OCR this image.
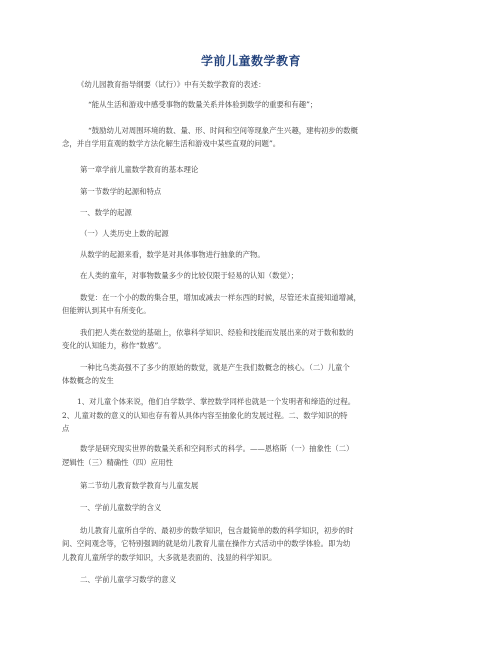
学前儿童数学教育
《幼儿园教育指导纲要（试行）》中有关数学教育的表述：
“能从生活和游戏中感受事物的数量关系并体验到数学的重要和有趣”；
“鼓励幼儿对周围环境的数、量、形、时间和空间等现象产生兴趣，建构初步的数概
念，并自学用直观的数学方法化解生活和游戏中某些直观的问题”。
第一章学前儿童数学教育的基本理论
第一节数学的起源和特点
一、数学的起源
（一）人类历史上数的起源
从数学的起源来看，数学是对具体事物进行抽象的产物。
在人类的童年，对事物数量多少的比较仅限于轻易的认知（数觉）；
数觉：在一个小的数的集合里，增加或减去一样东西的时候，尽管还未直接知道增减，
但能辨认到其中有所变化。
我们把人类在数觉的基础上，依靠科学知识、经验和技能而发展出来的对于数和数的
变化的认知能力，称作“数感”。
一种比乌类高强不了多少的原始的数觉，就是产生我们数概念的核心。（二）儿童个
体数概念的发生
1、对儿童个体来说，他们自学数学、掌控数学同样也就是一个发明者和缔造的过程。
2、儿童对数的意义的认知也存有着从具体内容至抽象化的发展过程。二、数学知识的特
点
数学是研究现实世界的数量关系和空间形式的科学。——恩格斯（一）抽象性（二）
逻辑性（三）精确性（四）应用性
第二节幼儿教育数学教育与儿童发展
一、学前儿童数学的含义
幼儿教育儿童所自学的、最初步的数学知识，包含最简单的数的科学知识，初步的时
间、空间观念等，它特别强调的就是幼儿教育儿童在操作方式活动中的数学体验。即为幼
儿教育儿童所学的数学知识，大多就是表面的、浅显的科学知识。
二、学前儿童学习数学的意义
